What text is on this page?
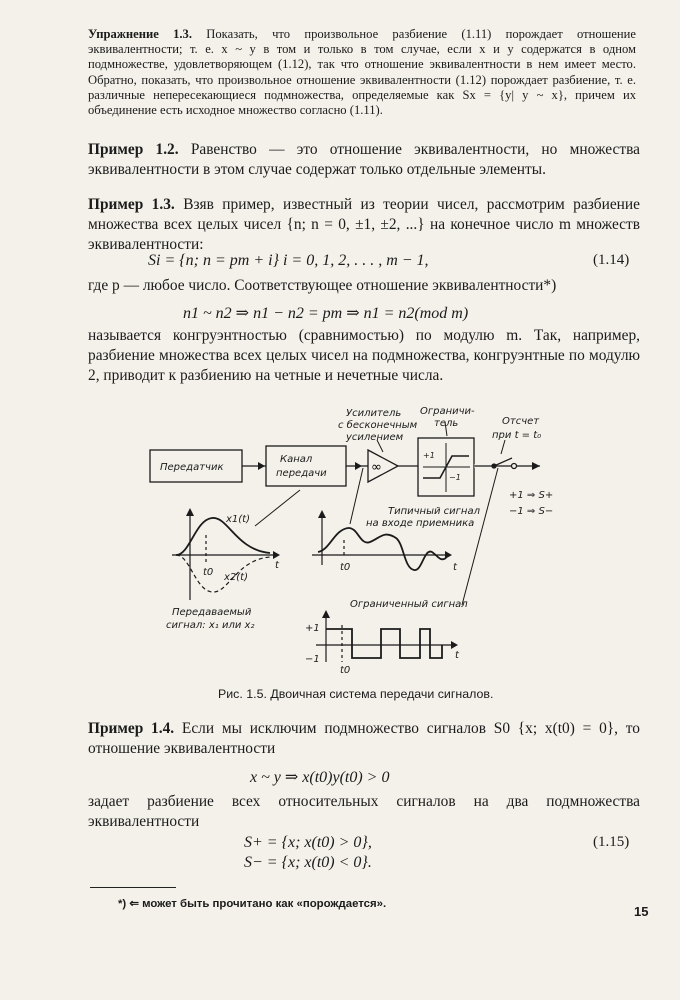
Упражнение 1.3. Показать, что произвольное разбиение (1.11) порождает отношение эквивалентности; т. е. x ~ y в том и только в том случае, если x и y содержатся в одном подмножестве, удовлетворяющем (1.12), так что отношение эквивалентности в нем имеет место. Обратно, показать, что произвольное отношение эквивалентности (1.12) порождает разбиение, т. е. различные непересекающиеся подмножества, определяемые как Sx = {y| y ~ x}, причем их объединение есть исходное множество согласно (1.11).
Пример 1.2. Равенство — это отношение эквивалентности, но множества эквивалентности в этом случае содержат только отдельные элементы.
Пример 1.3. Взяв пример, известный из теории чисел, рассмотрим разбиение множества всех целых чисел {n; n = 0, ±1, ±2, ...} на конечное число m множеств эквивалентности:
Si = {n; n = pm + i} i = 0, 1, 2, . . . , m − 1,	(1.14)
где p — любое число. Соответствующее отношение эквивалентности*)
n1 ~ n2 ⇒ n1 − n2 = pm ⇒ n1 = n2(mod m)
называется конгруэнтностью (сравнимостью) по модулю m. Так, например, разбиение множества всех целых чисел на подмножества, конгруэнтные по модулю 2, приводит к разбиению на четные и нечетные числа.
Передатчик
Канал
передачи	∞
Усилитель
с бесконечным
усилением
Ограничи-
тель
+1
−1
Отсчет
при t = t₀
+1 ⇒ S+
−1 ⇒ S−
x1(t)
x2(t)
t0
t
Передаваемый
сигнал: x₁ или x₂
Типичный сигнал
на входе приемника
t0	t
Ограниченный сигнал
+1
−1
t0
t
Рис. 1.5. Двоичная система передачи сигналов.
Пример 1.4. Если мы исключим подмножество сигналов S0 {x; x(t0) = 0}, то отношение эквивалентности
x ~ y ⇒ x(t0)y(t0) > 0
задает разбиение всех относительных сигналов на два подмножества эквивалентности
S+ = {x; x(t0) > 0},
S− = {x; x(t0) < 0}.
(1.15)
*) ⇐ может быть прочитано как «порождается».	15
